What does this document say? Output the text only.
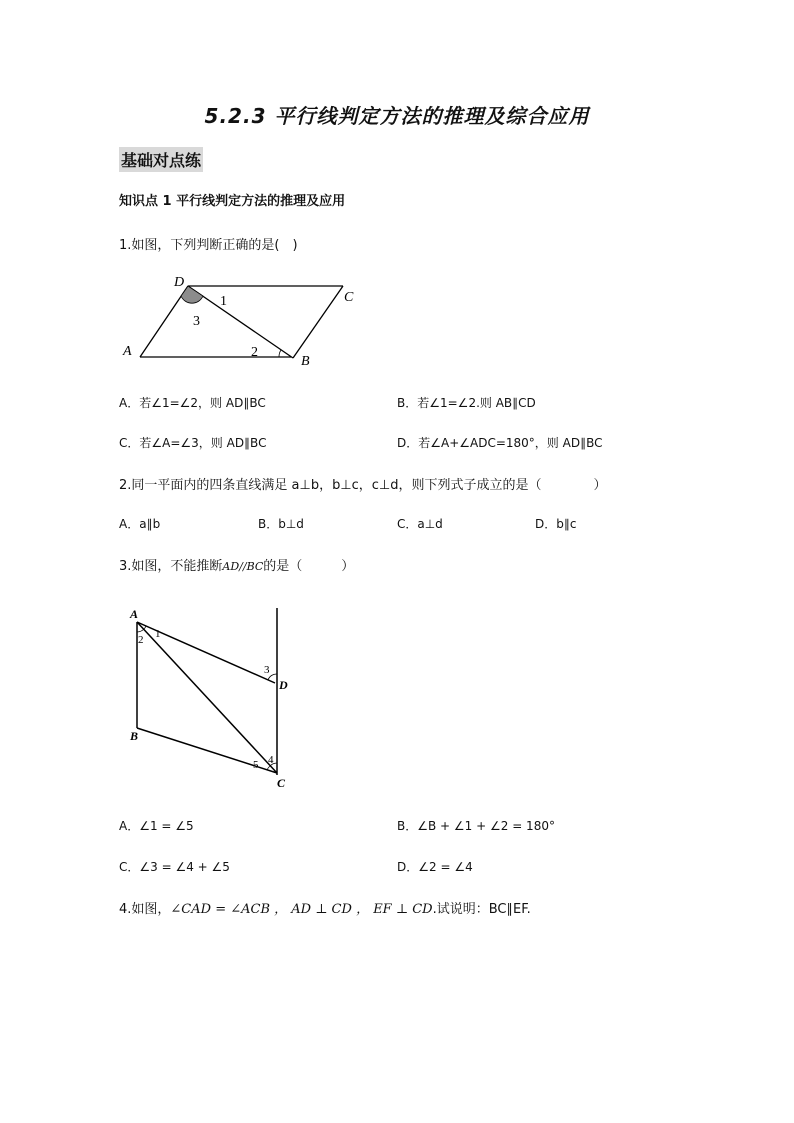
5.2.3 平行线判定方法的推理及综合应用
基础对点练
知识点 1 平行线判定方法的推理及应用
1.如图，下列判断正确的是(　)
D
C
A
B
1
2
3
A．若∠1=∠2，则 AD∥BC	B．若∠1=∠2.则 AB∥CD
C．若∠A=∠3，则 AD∥BC	D．若∠A+∠ADC=180°，则 AD∥BC
2.同一平面内的四条直线满足 a⊥b，b⊥c，c⊥d，则下列式子成立的是（　　　　）
A．a∥b	B．b⊥d	C．a⊥d	D．b∥c
3.如图，不能推断AD//BC的是（　　　）
A
B
C
D
1
2
3
4
5
A．∠1 = ∠5	B．∠B + ∠1 + ∠2 = 180°
C．∠3 = ∠4 + ∠5	D．∠2 = ∠4
4.如图，∠CAD = ∠ACB ， AD ⊥ CD ， EF ⊥ CD.试说明：BC∥EF.
